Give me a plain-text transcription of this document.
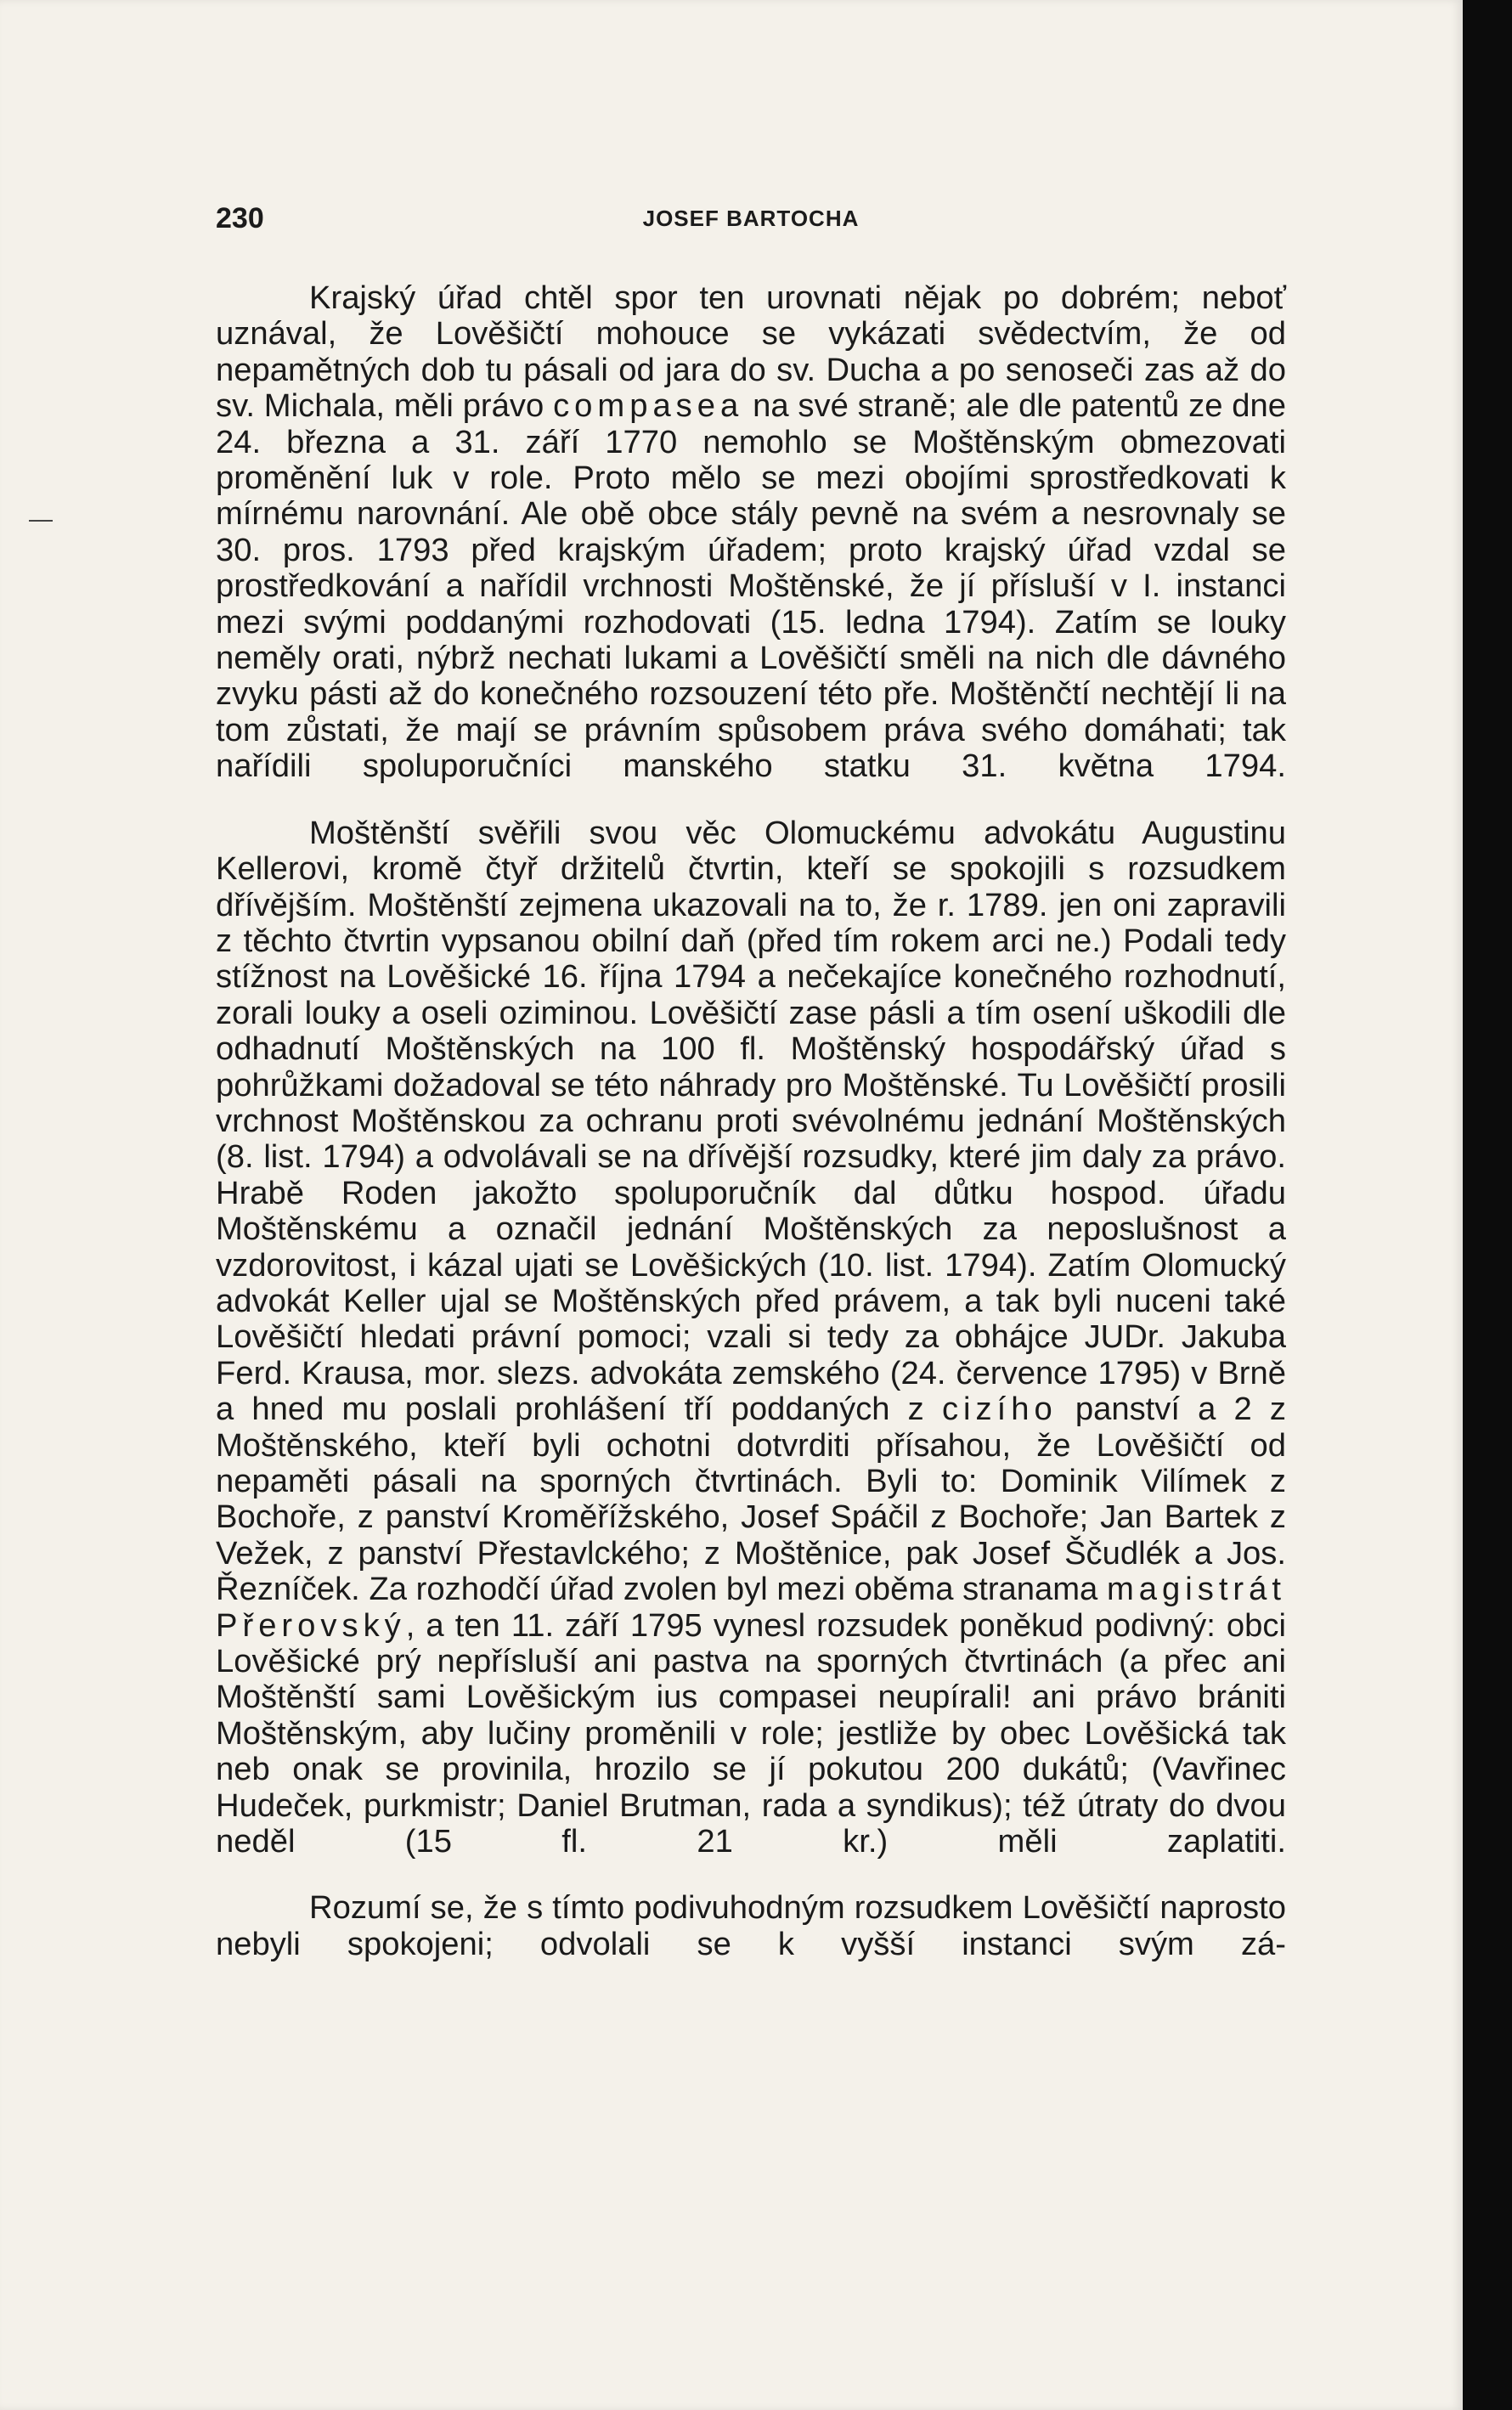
230	JOSEF BARTOCHA

Krajský úřad chtěl spor ten urovnati nějak po dobrém; neboť uznával, že Lověšičtí mohouce se vykázati svědectvím, že od nepamětných dob tu pásali od jara do sv. Ducha a po senoseči zas až do sv. Michala, měli právo compasea na své straně; ale dle patentů ze dne 24. března a 31. září 1770 nemohlo se Moštěnským obmezovati proměnění luk v role. Proto mělo se mezi obojími sprostředkovati k mírnému narovnání. Ale obě obce stály pevně na svém a nesrovnaly se 30. pros. 1793 před krajským úřadem; proto krajský úřad vzdal se prostředkování a nařídil vrchnosti Moštěnské, že jí přísluší v I. instanci mezi svými poddanými rozhodovati (15. ledna 1794). Zatím se louky neměly orati, nýbrž nechati lukami a Lověšičtí směli na nich dle dávného zvyku pásti až do konečného rozsouzení této pře. Moštěnčtí nechtějí li na tom zůstati, že mají se právním spůsobem práva svého domáhati; tak nařídili spoluporučníci manského statku 31. května 1794.

Moštěnští svěřili svou věc Olomuckému advokátu Augustinu Kellerovi, kromě čtyř držitelů čtvrtin, kteří se spokojili s rozsudkem dřívějším. Moštěnští zejmena ukazovali na to, že r. 1789. jen oni zapravili z těchto čtvrtin vypsanou obilní daň (před tím rokem arci ne.) Podali tedy stížnost na Lověšické 16. října 1794 a nečekajíce konečného rozhodnutí, zorali louky a oseli oziminou. Lověšičtí zase pásli a tím osení uškodili dle odhadnutí Moštěnských na 100 fl. Moštěnský hospodářský úřad s pohrůžkami dožadoval se této náhrady pro Moštěnské. Tu Lověšičtí prosili vrchnost Moštěnskou za ochranu proti svévolnému jednání Moštěnských (8. list. 1794) a odvolávali se na dřívější rozsudky, které jim daly za právo. Hrabě Roden jakožto spoluporučník dal důtku hospod. úřadu Moštěnskému a označil jednání Moštěnských za neposlušnost a vzdorovitost, i kázal ujati se Lověšických (10. list. 1794). Zatím Olomucký advokát Keller ujal se Moštěnských před právem, a tak byli nuceni také Lověšičtí hledati právní pomoci; vzali si tedy za obhájce JUDr. Jakuba Ferd. Krausa, mor. slezs. advokáta zemského (24. července 1795) v Brně a hned mu poslali prohlášení tří poddaných z cizího panství a 2 z Moštěnského, kteří byli ochotni dotvrditi přísahou, že Lověšičtí od nepaměti pásali na sporných čtvrtinách. Byli to: Dominik Vilímek z Bochoře, z panství Kroměřížského, Josef Spáčil z Bochoře; Jan Bartek z Vežek, z panství Přestavlckého; z Moštěnice, pak Josef Ščudlék a Jos. Řezníček. Za rozhodčí úřad zvolen byl mezi oběma stranama magistrát Přerovský, a ten 11. září 1795 vynesl rozsudek poněkud podivný: obci Lověšické prý nepřísluší ani pastva na sporných čtvrtinách (a přec ani Moštěnští sami Lověšickým ius compasei neupírali! ani právo brániti Moštěnským, aby lučiny proměnili v role; jestliže by obec Lověšická tak neb onak se provinila, hrozilo se jí pokutou 200 dukátů; (Vavřinec Hudeček, purkmistr; Daniel Brutman, rada a syndikus); též útraty do dvou neděl (15 fl. 21 kr.) měli zaplatiti.

Rozumí se, že s tímto podivuhodným rozsudkem Lověšičtí naprosto nebyli spokojeni; odvolali se k vyšší instanci svým zá-
